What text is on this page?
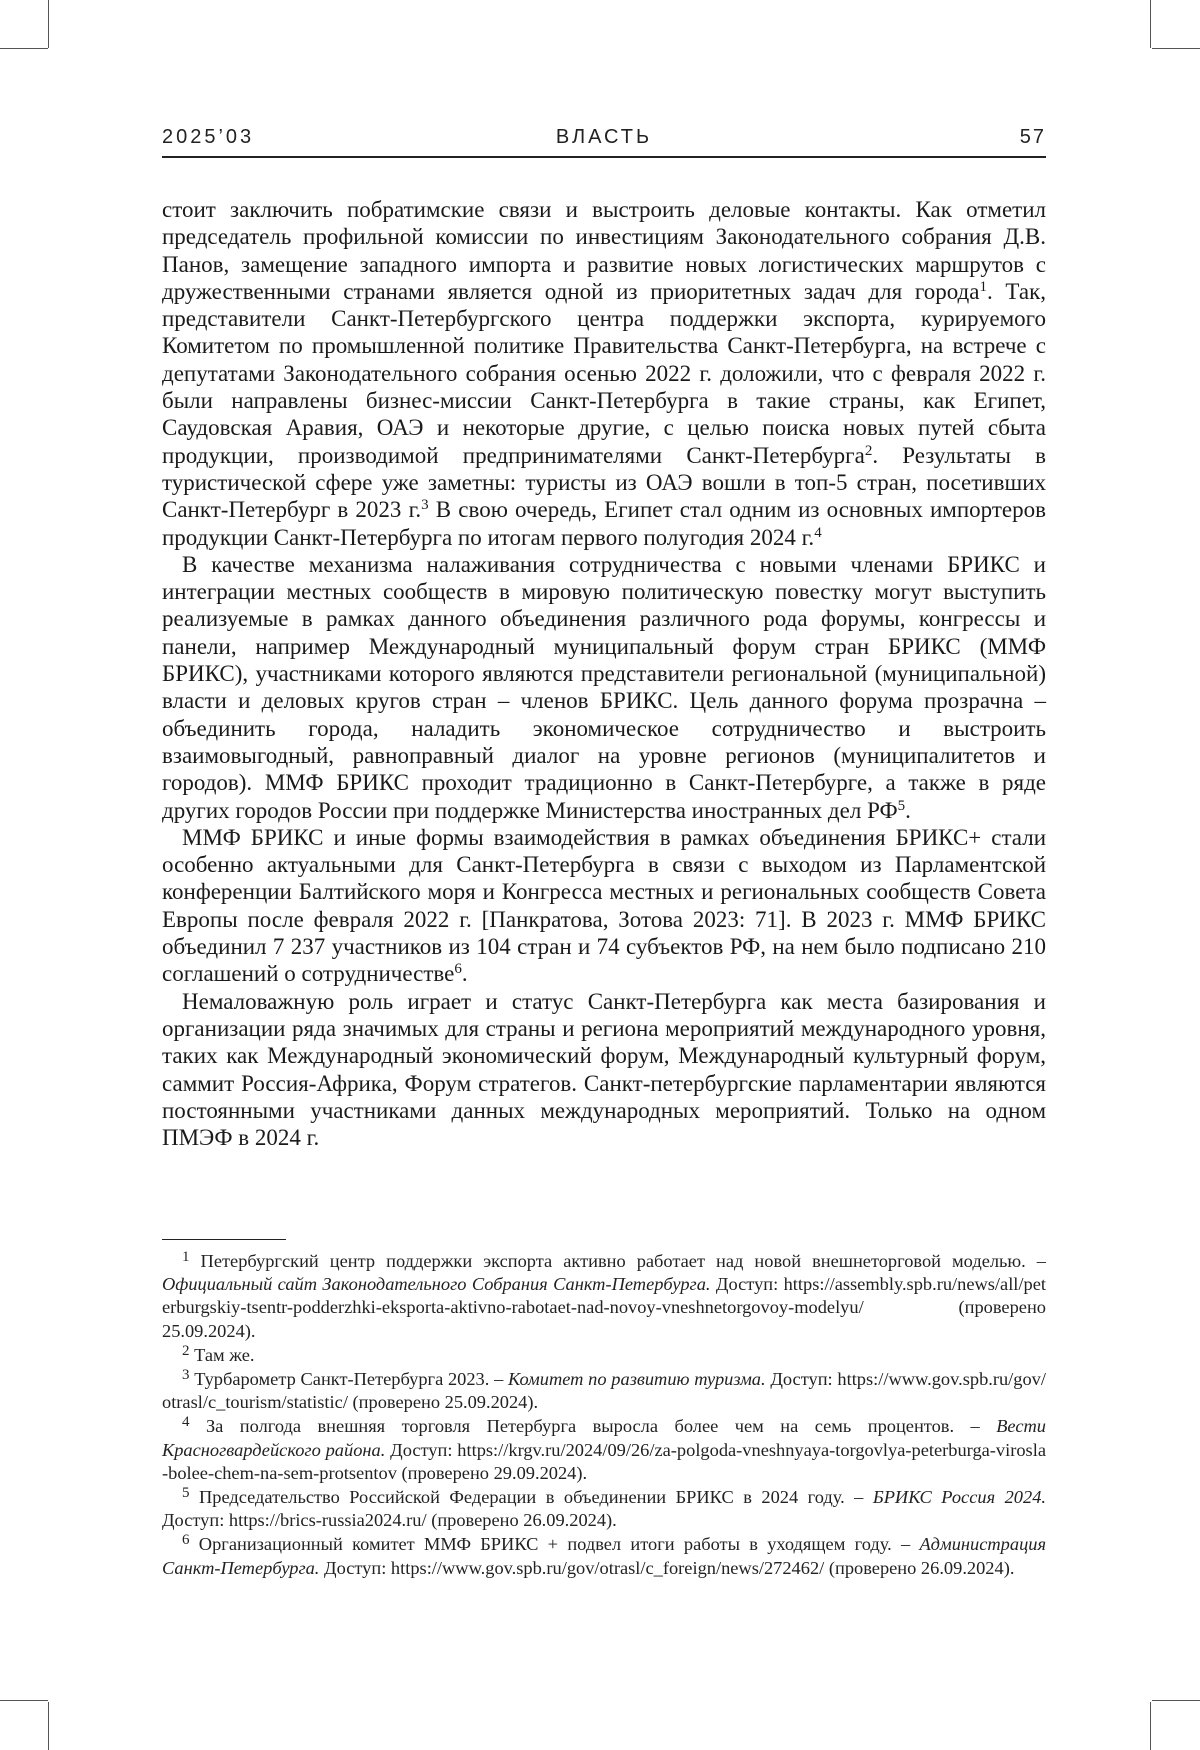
2025’03	ВЛАСТЬ	57

стоит заключить побратимские связи и выстроить деловые контакты. Как отметил председатель профильной комиссии по инвестициям Законодательного собрания Д.В. Панов, замещение западного импорта и развитие новых логистических маршрутов с дружественными странами является одной из приоритетных задач для города1. Так, представители Санкт-Петербургского центра поддержки экспорта, курируемого Комитетом по промышленной политике Правительства Санкт-Петербурга, на встрече с депутатами Законодательного собрания осенью 2022 г. доложили, что с февраля 2022 г. были направлены бизнес-миссии Санкт-Петербурга в такие страны, как Египет, Саудовская Аравия, ОАЭ и некоторые другие, с целью поиска новых путей сбыта продукции, производимой предпринимателями Санкт-Петербурга2. Результаты в туристической сфере уже заметны: туристы из ОАЭ вошли в топ-5 стран, посетивших Санкт-Петербург в 2023 г.3 В свою очередь, Египет стал одним из основных импортеров продукции Санкт-Петербурга по итогам первого полугодия 2024 г.4

В качестве механизма налаживания сотрудничества с новыми членами БРИКС и интеграции местных сообществ в мировую политическую повестку могут выступить реализуемые в рамках данного объединения различного рода форумы, конгрессы и панели, например Международный муниципальный форум стран БРИКС (ММФ БРИКС), участниками которого являются представители региональной (муниципальной) власти и деловых кругов стран – членов БРИКС. Цель данного форума прозрачна – объединить города, наладить экономическое сотрудничество и выстроить взаимовыгодный, равноправный диалог на уровне регионов (муниципалитетов и городов). ММФ БРИКС проходит традиционно в Санкт-Петербурге, а также в ряде других городов России при поддержке Министерства иностранных дел РФ5.

ММФ БРИКС и иные формы взаимодействия в рамках объединения БРИКС+ стали особенно актуальными для Санкт-Петербурга в связи с выходом из Парламентской конференции Балтийского моря и Конгресса местных и региональных сообществ Совета Европы после февраля 2022 г. [Панкратова, Зотова 2023: 71]. В 2023 г. ММФ БРИКС объединил 7 237 участников из 104 стран и 74 субъектов РФ, на нем было подписано 210 соглашений о сотрудничестве6.

Немаловажную роль играет и статус Санкт-Петербурга как места базирования и организации ряда значимых для страны и региона мероприятий международного уровня, таких как Международный экономический форум, Международный культурный форум, саммит Россия-Африка, Форум стратегов. Санкт-петербургские парламентарии являются постоянными участниками данных международных мероприятий. Только на одном ПМЭФ в 2024 г.

1 Петербургский центр поддержки экспорта активно работает над новой внешнеторговой моделью. – Официальный сайт Законодательного Собрания Санкт-Петербурга. Доступ: https://assembly.spb.ru/news/all/peterburgskiy-tsentr-podderzhki-eksporta-aktivno-rabotaet-nad-novoy-vneshnetorgovoy-modelyu/ (проверено 25.09.2024).

2 Там же.

3 Турбарометр Санкт-Петербурга 2023. – Комитет по развитию туризма. Доступ: https://www.gov.spb.ru/gov/otrasl/c_tourism/statistic/ (проверено 25.09.2024).

4 За полгода внешняя торговля Петербурга выросла более чем на семь процентов. – Вести Красногвардейского района. Доступ: https://krgv.ru/2024/09/26/za-polgoda-vneshnyaya-torgovlya-peterburga-virosla-bolee-chem-na-sem-protsentov (проверено 29.09.2024).

5 Председательство Российской Федерации в объединении БРИКС в 2024 году. – БРИКС Россия 2024. Доступ: https://brics-russia2024.ru/ (проверено 26.09.2024).

6 Организационный комитет ММФ БРИКС + подвел итоги работы в уходящем году. – Администрация Санкт-Петербурга. Доступ: https://www.gov.spb.ru/gov/otrasl/c_foreign/news/272462/ (проверено 26.09.2024).
